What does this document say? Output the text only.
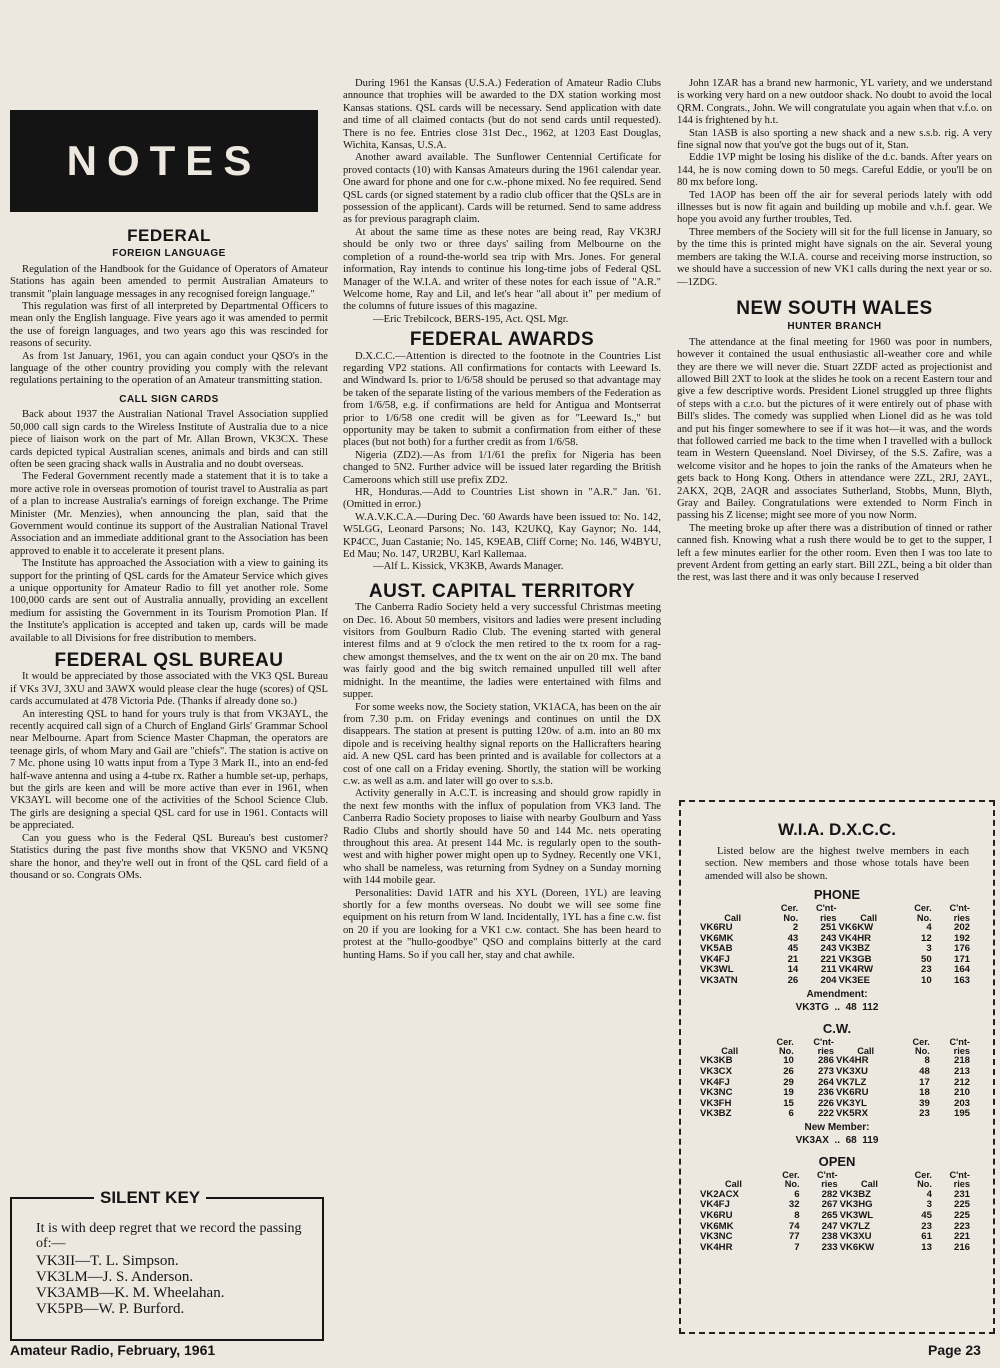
NOTES
FEDERAL
FOREIGN LANGUAGE

Regulation of the Handbook for the Guidance of Operators of Amateur Stations has again been amended to permit Australian Amateurs to transmit "plain language messages in any recognised foreign language."

This regulation was first of all interpreted by Departmental Officers to mean only the English language. Five years ago it was amended to permit the use of foreign languages, and two years ago this was rescinded for reasons of security.

As from 1st January, 1961, you can again conduct your QSO's in the language of the other country providing you comply with the relevant regulations pertaining to the operation of an Amateur transmitting station.

CALL SIGN CARDS

Back about 1937 the Australian National Travel Association supplied 50,000 call sign cards to the Wireless Institute of Australia due to a nice piece of liaison work on the part of Mr. Allan Brown, VK3CX. These cards depicted typical Australian scenes, animals and birds and can still often be seen gracing shack walls in Australia and no doubt overseas.

The Federal Government recently made a statement that it is to take a more active role in overseas promotion of tourist travel to Australia as part of a plan to increase Australia's earnings of foreign exchange. The Prime Minister (Mr. Menzies), when announcing the plan, said that the Government would continue its support of the Australian National Travel Association and an immediate additional grant to the Association has been approved to enable it to accelerate it present plans.

The Institute has approached the Association with a view to gaining its support for the printing of QSL cards for the Amateur Service which gives a unique opportunity for Amateur Radio to fill yet another role. Some 100,000 cards are sent out of Australia annually, providing an excellent medium for assisting the Government in its Tourism Promotion Plan. If the Institute's application is accepted and taken up, cards will be made available to all Divisions for free distribution to members.

FEDERAL QSL BUREAU

It would be appreciated by those associated with the VK3 QSL Bureau if VKs 3VJ, 3XU and 3AWX would please clear the huge (scores) of QSL cards accumulated at 478 Victoria Pde. (Thanks if already done so.)

An interesting QSL to hand for yours truly is that from VK3AYL, the recently acquired call sign of a Church of England Girls' Grammar School near Melbourne. Apart from Science Master Chapman, the operators are teenage girls, of whom Mary and Gail are "chiefs". The station is active on 7 Mc. phone using 10 watts input from a Type 3 Mark II., into an end-fed half-wave antenna and using a 4-tube rx. Rather a humble set-up, perhaps, but the girls are keen and will be more active than ever in 1961, when VK3AYL will become one of the activities of the School Science Club. The girls are designing a special QSL card for use in 1961. Contacts will be appreciated.

Can you guess who is the Federal QSL Bureau's best customer? Statistics during the past five months show that VK5NO and VK5NQ share the honor, and they're well out in front of the QSL card field of a thousand or so. Congrats OMs.

SILENT KEY
It is with deep regret that we record the passing of:—
VK3II—T. L. Simpson.
VK3LM—J. S. Anderson.
VK3AMB—K. M. Wheelahan.
VK5PB—W. P. Burford.

During 1961 the Kansas (U.S.A.) Federation of Amateur Radio Clubs announce that trophies will be awarded to the DX station working most Kansas stations. QSL cards will be necessary. Send application with date and time of all claimed contacts (but do not send cards until requested). There is no fee. Entries close 31st Dec., 1962, at 1203 East Douglas, Wichita, Kansas, U.S.A.

Another award available. The Sunflower Centennial Certificate for proved contacts (10) with Kansas Amateurs during the 1961 calendar year. One award for phone and one for c.w.-phone mixed. No fee required. Send QSL cards (or signed statement by a radio club officer that the QSLs are in possession of the applicant). Cards will be returned. Send to same address as for previous paragraph claim.

At about the same time as these notes are being read, Ray VK3RJ should be only two or three days' sailing from Melbourne on the completion of a round-the-world sea trip with Mrs. Jones. For general information, Ray intends to continue his long-time jobs of Federal QSL Manager of the W.I.A. and writer of these notes for each issue of "A.R." Welcome home, Ray and Lil, and let's hear "all about it" per medium of the columns of future issues of this magazine.

—Eric Trebilcock, BERS-195, Act. QSL Mgr.

FEDERAL AWARDS

D.X.C.C.—Attention is directed to the footnote in the Countries List regarding VP2 stations. All confirmations for contacts with Leeward Is. and Windward Is. prior to 1/6/58 should be perused so that advantage may be taken of the separate listing of the various members of the Federation as from 1/6/58, e.g. if confirmations are held for Antigua and Montserrat prior to 1/6/58 one credit will be given as for "Leeward Is.," but opportunity may be taken to submit a confirmation from either of these places (but not both) for a further credit as from 1/6/58.

Nigeria (ZD2).—As from 1/1/61 the prefix for Nigeria has been changed to 5N2. Further advice will be issued later regarding the British Cameroons which still use prefix ZD2.

HR, Honduras.—Add to Countries List shown in "A.R." Jan. '61. (Omitted in error.)

W.A.V.K.C.A.—During Dec. '60 Awards have been issued to: No. 142, W5LGG, Leonard Parsons; No. 143, K2UKQ, Kay Gaynor; No. 144, KP4CC, Juan Castanie; No. 145, K9EAB, Cliff Corne; No. 146, W4BYU, Ed Mau; No. 147, UR2BU, Karl Kallemaa.

—Alf L. Kissick, VK3KB, Awards Manager.

AUST. CAPITAL TERRITORY

The Canberra Radio Society held a very successful Christmas meeting on Dec. 16. About 50 members, visitors and ladies were present including visitors from Goulburn Radio Club. The evening started with general interest films and at 9 o'clock the men retired to the tx room for a rag-chew amongst themselves, and the tx went on the air on 20 mx. The band was fairly good and the big switch remained unpulled till well after midnight. In the meantime, the ladies were entertained with films and supper.

For some weeks now, the Society station, VK1ACA, has been on the air from 7.30 p.m. on Friday evenings and continues on until the DX disappears. The station at present is putting 120w. of a.m. into an 80 mx dipole and is receiving healthy signal reports on the Hallicrafters hearing aid. A new QSL card has been printed and is available for collectors at a cost of one call on a Friday evening. Shortly, the station will be working c.w. as well as a.m. and later will go over to s.s.b.

Activity generally in A.C.T. is increasing and should grow rapidly in the next few months with the influx of population from VK3 land. The Canberra Radio Society proposes to liaise with nearby Goulburn and Yass Radio Clubs and shortly should have 50 and 144 Mc. nets operating throughout this area. At present 144 Mc. is regularly open to the south-west and with higher power might open up to Sydney. Recently one VK1, who shall be nameless, was returning from Sydney on a Sunday morning with 144 mobile gear.

Personalities: David 1ATR and his XYL (Doreen, 1YL) are leaving shortly for a few months overseas. No doubt we will see some fine equipment on his return from W land. Incidentally, 1YL has a fine c.w. fist on 20 if you are looking for a VK1 c.w. contact. She has been heard to protest at the "hullo-goodbye" QSO and complains bitterly at the card hunting Hams. So if you call her, stay and chat awhile.

John 1ZAR has a brand new harmonic, YL variety, and we understand is working very hard on a new outdoor shack. No doubt to avoid the local QRM. Congrats., John. We will congratulate you again when that v.f.o. on 144 is frightened by h.t.

Stan 1ASB is also sporting a new shack and a new s.s.b. rig. A very fine signal now that you've got the bugs out of it, Stan.

Eddie 1VP might be losing his dislike of the d.c. bands. After years on 144, he is now coming down to 50 megs. Careful Eddie, or you'll be on 80 mx before long.

Ted 1AOP has been off the air for several periods lately with odd illnesses but is now fit again and building up mobile and v.h.f. gear. We hope you avoid any further troubles, Ted.

Three members of the Society will sit for the full license in January, so by the time this is printed might have signals on the air. Several young members are taking the W.I.A. course and receiving morse instruction, so we should have a succession of new VK1 calls during the next year or so.—1ZDG.

NEW SOUTH WALES
HUNTER BRANCH

The attendance at the final meeting for 1960 was poor in numbers, however it contained the usual enthusiastic all-weather core and while they are there we will never die. Stuart 2ZDF acted as projectionist and allowed Bill 2XT to look at the slides he took on a recent Eastern tour and give a few descriptive words. President Lionel struggled up three flights of steps with a c.r.o. but the pictures of it were entirely out of phase with Bill's slides. The comedy was supplied when Lionel did as he was told and put his finger somewhere to see if it was hot—it was, and the words that followed carried me back to the time when I travelled with a bullock team in Western Queensland. Noel Divirsey, of the S.S. Zafire, was a welcome visitor and he hopes to join the ranks of the Amateurs when he gets back to Hong Kong. Others in attendance were 2ZL, 2RJ, 2AYL, 2AKX, 2QB, 2AQR and associates Sutherland, Stobbs, Munn, Blyth, Gray and Bailey. Congratulations were extended to Norm Finch in passing his Z license; might see more of you now Norm.

The meeting broke up after there was a distribution of tinned or rather canned fish. Knowing what a rush there would be to get to the supper, I left a few minutes earlier for the other room. Even then I was too late to prevent Ardent from getting an early start. Bill 2ZL, being a bit older than the rest, was last there and it was only because I reserved

W.I.A. D.X.C.C.
Listed below are the highest twelve members in each section. New members and those whose totals have been amended will also be shown.
PHONE
	Cer.	C'nt-		Cer.	C'nt-
Call	No.	ries	Call	No.	ries
VK6RU	2	251	VK6KW	4	202
VK6MK	43	243	VK4HR	12	192
VK5AB	45	243	VK3BZ	3	176
VK4FJ	21	221	VK3GB	50	171
VK3WL	14	211	VK4RW	23	164
VK3ATN	26	204	VK3EE	10	163
Amendment:
VK3TG  ..  48 112
C.W.
	Cer.	C'nt-		Cer.	C'nt-
Call	No.	ries	Call	No.	ries
VK3KB	10	286	VK4HR	8	218
VK3CX	26	273	VK3XU	48	213
VK4FJ	29	264	VK7LZ	17	212
VK3NC	19	236	VK6RU	18	210
VK3FH	15	226	VK3YL	39	203
VK3BZ	6	222	VK5RX	23	195
New Member:
VK3AX  ..  68 119
OPEN
	Cer.	C'nt-		Cer.	C'nt-
Call	No.	ries	Call	No.	ries
VK2ACX	6	282	VK3BZ	4	231
VK4FJ	32	267	VK3HG	3	225
VK6RU	8	265	VK3WL	45	225
VK6MK	74	247	VK7LZ	23	223
VK3NC	77	238	VK3XU	61	221
VK4HR	7	233	VK6KW	13	216
Amateur Radio, February, 1961	Page 23
